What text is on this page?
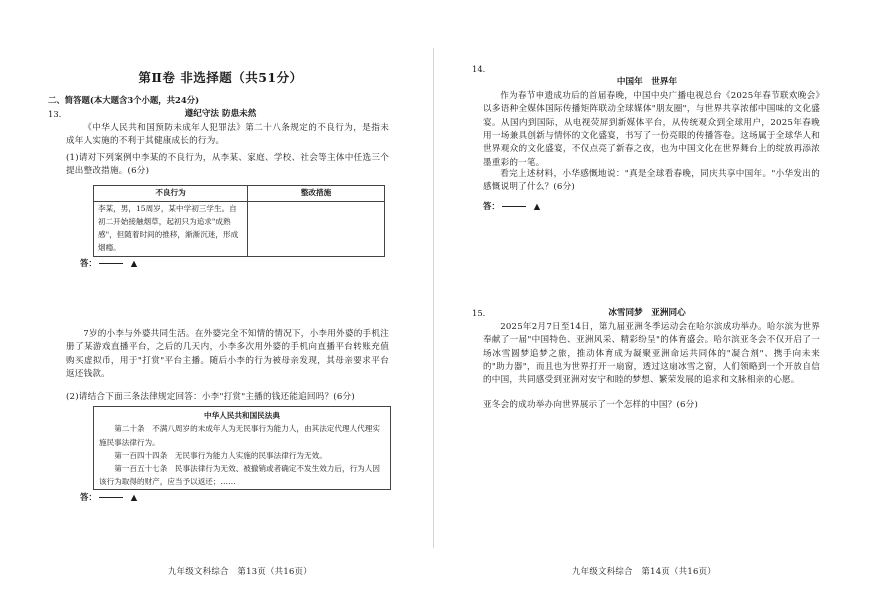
第Ⅱ卷 非选择题（共51分）
二、简答题(本大题含3个小题，共24分)
13.	遵纪守法 防患未然
《中华人民共和国预防未成年人犯罪法》第二十八条规定的不良行为，是指未成年人实施的不利于其健康成长的行为。
(1)请对下列案例中李某的不良行为，从李某、家庭、学校、社会等主体中任选三个提出整改措施。(6分)
不良行为	整改措施
李某，男，15周岁，某中学初三学生。自初二开始接触烟草，起初只为追求"成熟感"，但随着时间的推移，渐渐沉迷，形成烟瘾。	
答：	▲
7岁的小李与外婆共同生活。在外婆完全不知情的情况下，小李用外婆的手机注册了某游戏直播平台，之后的几天内，小李多次用外婆的手机向直播平台转账充值购买虚拟币，用于"打赏"平台主播。随后小李的行为被母亲发现，其母亲要求平台返还钱款。
(2)请结合下面三条法律规定回答：小李"打赏"主播的钱还能追回吗？(6分)
中华人民共和国民法典
第二十条　不满八周岁的未成年人为无民事行为能力人，由其法定代理人代理实施民事法律行为。
第一百四十四条　无民事行为能力人实施的民事法律行为无效。
第一百五十七条　民事法律行为无效、被撤销或者确定不发生效力后，行为人因该行为取得的财产，应当予以返还；……
答：	▲
九年级文科综合　第13页（共16页）
14.
中国年　世界年
作为春节申遗成功后的首届春晚，中国中央广播电视总台《2025年春节联欢晚会》以多语种全媒体国际传播矩阵联动全球媒体"朋友圈"，与世界共享浓郁中国味的文化盛宴。从国内到国际，从电视荧屏到新媒体平台，从传统观众到全球用户，2025年春晚用一场兼具创新与情怀的文化盛宴，书写了一份亮眼的传播答卷。这场属于全球华人和世界观众的文化盛宴，不仅点亮了新春之夜，也为中国文化在世界舞台上的绽放再添浓墨重彩的一笔。
看完上述材料，小华感慨地说："真是全球看春晚，同庆共享中国年。"小华发出的感慨说明了什么？(6分)
答：	▲
15.	冰雪同梦　亚洲同心
2025年2月7日至14日，第九届亚洲冬季运动会在哈尔滨成功举办。哈尔滨为世界奉献了一届"中国特色、亚洲风采、精彩纷呈"的体育盛会。哈尔滨亚冬会不仅开启了一场冰雪圆梦追梦之旅，推动体育成为凝聚亚洲命运共同体的"凝合剂"、携手向未来的"助力器"，而且也为世界打开一扇窗，透过这扇冰雪之窗，人们领略到一个开放自信的中国，共同感受到亚洲对安宁和睦的梦想、繁荣发展的追求和文脉相亲的心愿。
亚冬会的成功举办向世界展示了一个怎样的中国？(6分)
九年级文科综合　第14页（共16页）
